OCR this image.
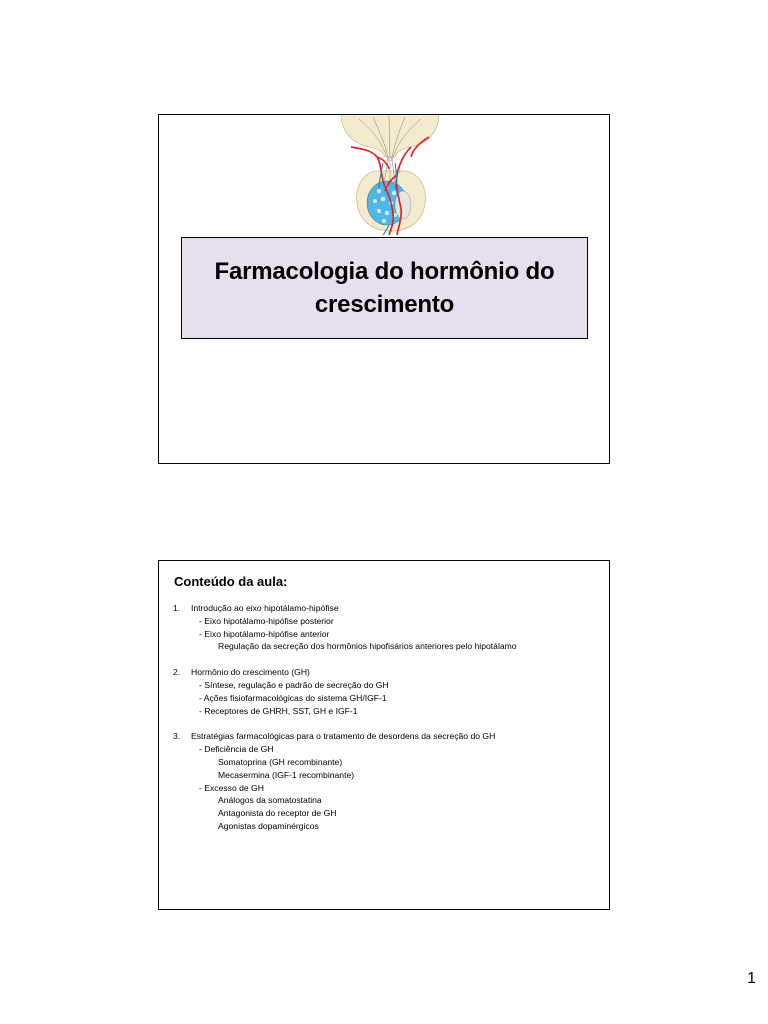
Farmacologia do hormônio do
crescimento
Conteúdo da aula:
1. Introdução ao eixo hipotálamo-hipófise
- Eixo hipotálamo-hipófise posterior
- Eixo hipotálamo-hipófise anterior
Regulação da secreção dos hormônios hipofisários anteriores pelo hipotálamo
2. Hormônio do crescimento (GH)
- Síntese, regulação e padrão de secreção do GH
- Ações fisiofarmacológicas do sistema GH/IGF-1
- Receptores de GHRH, SST, GH e IGF-1
3. Estratégias farmacológicas para o tratamento de desordens da secreção do GH
- Deficiência de GH
Somatoprina (GH recombinante)
Mecasermina (IGF-1 recombinante)
- Excesso de GH
Análogos da somatostatina
Antagonista do receptor de GH
Agonistas dopaminérgicos
1
